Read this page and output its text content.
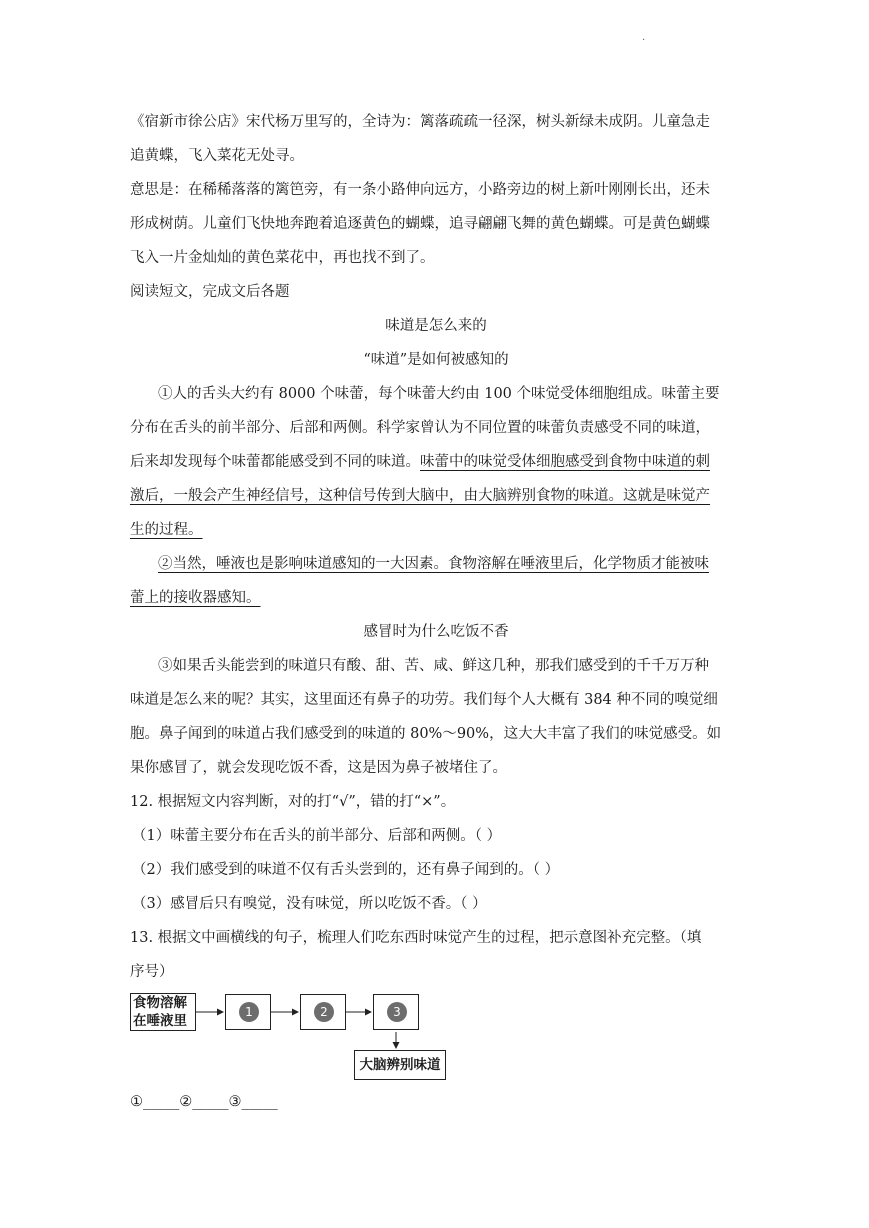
.
《宿新市徐公店》宋代杨万里写的，全诗为：篱落疏疏一径深，树头新绿未成阴。儿童急走
追黄蝶，飞入菜花无处寻。
意思是：在稀稀落落的篱笆旁，有一条小路伸向远方，小路旁边的树上新叶刚刚长出，还未
形成树荫。儿童们飞快地奔跑着追逐黄色的蝴蝶，追寻翩翩飞舞的黄色蝴蝶。可是黄色蝴蝶
飞入一片金灿灿的黄色菜花中，再也找不到了。
阅读短文，完成文后各题
味道是怎么来的
“味道”是如何被感知的
①人的舌头大约有 8000 个味蕾，每个味蕾大约由 100 个味觉受体细胞组成。味蕾主要
分布在舌头的前半部分、后部和两侧。科学家曾认为不同位置的味蕾负责感受不同的味道，
后来却发现每个味蕾都能感受到不同的味道。味蕾中的味觉受体细胞感受到食物中味道的刺
激后，一般会产生神经信号，这种信号传到大脑中，由大脑辨别食物的味道。这就是味觉产
生的过程。
②当然，唾液也是影响味道感知的一大因素。食物溶解在唾液里后，化学物质才能被味
蕾上的接收器感知。
感冒时为什么吃饭不香
③如果舌头能尝到的味道只有酸、甜、苦、咸、鲜这几种，那我们感受到的千千万万种
味道是怎么来的呢？其实，这里面还有鼻子的功劳。我们每个人大概有 384 种不同的嗅觉细
胞。鼻子闻到的味道占我们感受到的味道的 80%～90%，这大大丰富了我们的味觉感受。如
果你感冒了，就会发现吃饭不香，这是因为鼻子被堵住了。
12. 根据短文内容判断，对的打“√”，错的打“×”。
（1）味蕾主要分布在舌头的前半部分、后部和两侧。（ ）
（2）我们感受到的味道不仅有舌头尝到的，还有鼻子闻到的。（ ）
（3）感冒后只有嗅觉，没有味觉，所以吃饭不香。（ ）
13. 根据文中画横线的句子，梳理人们吃东西时味觉产生的过程，把示意图补充完整。（填
序号）
食物溶解
在唾液里
1	2	3
大脑辨别味道
①_____②_____③_____
